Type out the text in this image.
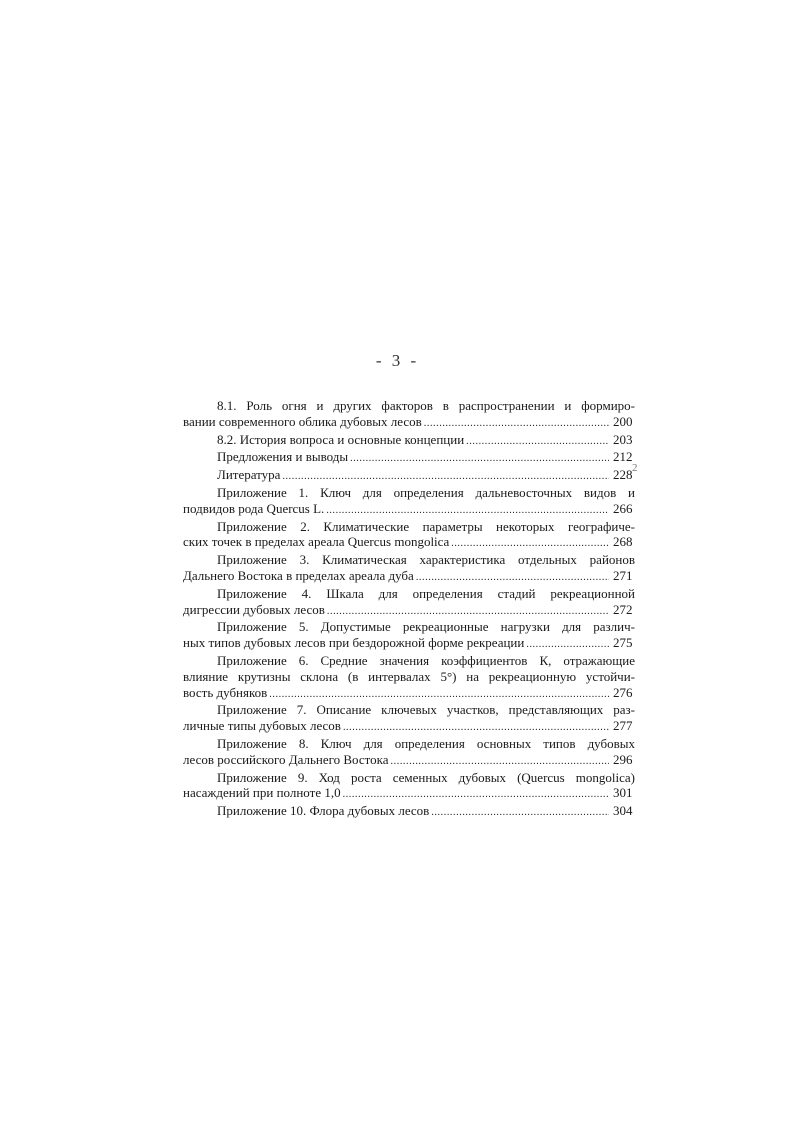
- 3 -
2
8.1. Роль огня и других факторов в распространении и формиро-
вании современного облика дубовых лесов .....	200
8.2. История вопроса и основные концепции .....	203
Предложения и выводы .....	212
Литература .....	228
Приложение 1. Ключ для определения дальневосточных видов и
подвидов рода Quercus L. .....	266
Приложение 2. Климатические параметры некоторых географиче-
ских точек в пределах ареала Quercus mongolica .....	268
Приложение 3. Климатическая характеристика отдельных районов
Дальнего Востока в пределах ареала дуба .....	271
Приложение 4. Шкала для определения стадий рекреационной
дигрессии дубовых лесов .....	272
Приложение 5. Допустимые рекреационные нагрузки для различ-
ных типов дубовых лесов при бездорожной форме рекреации .....	275
Приложение 6. Средние значения коэффициентов К, отражающие
влияние крутизны склона (в интервалах 5°) на рекреационную устойчи-
вость дубняков .....	276
Приложение 7. Описание ключевых участков, представляющих раз-
личные типы дубовых лесов .....	277
Приложение 8. Ключ для определения основных типов дубовых
лесов российского Дальнего Востока .....	296
Приложение 9. Ход роста семенных дубовых (Quercus mongolica)
насаждений при полноте 1,0 .....	301
Приложение 10. Флора дубовых лесов .....	304
